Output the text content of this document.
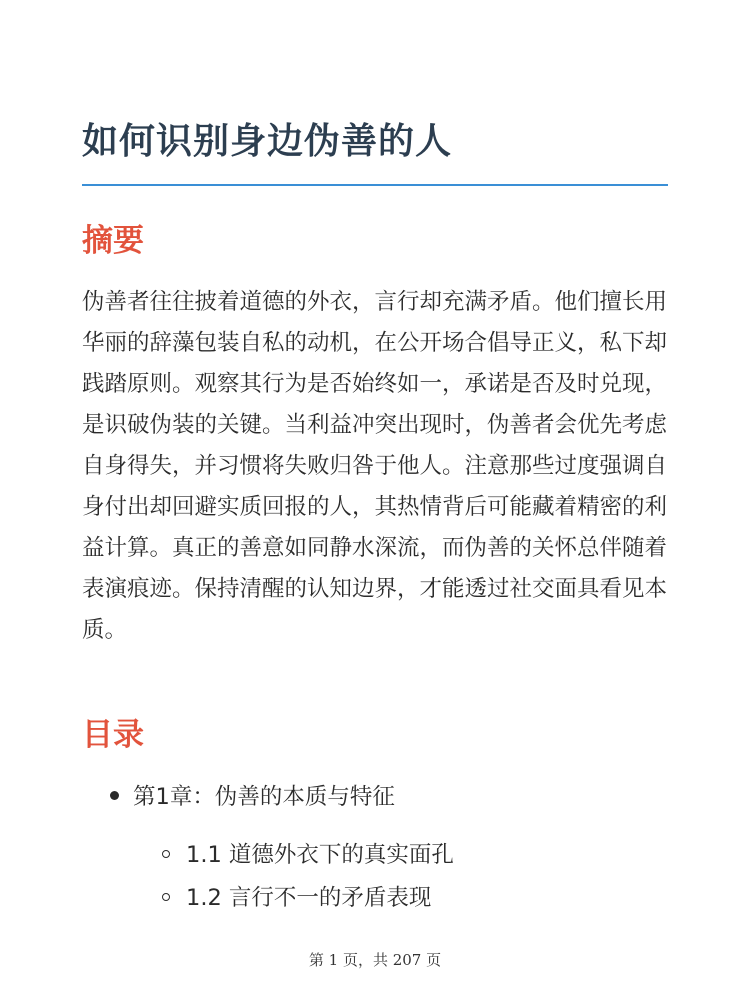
如何识别身边伪善的人
摘要

伪善者往往披着道德的外衣，言行却充满矛盾。他们擅长用华丽的辞藻包装自私的动机，在公开场合倡导正义，私下却践踏原则。观察其行为是否始终如一，承诺是否及时兑现，是识破伪装的关键。当利益冲突出现时，伪善者会优先考虑自身得失，并习惯将失败归咎于他人。注意那些过度强调自身付出却回避实质回报的人，其热情背后可能藏着精密的利益计算。真正的善意如同静水深流，而伪善的关怀总伴随着表演痕迹。保持清醒的认知边界，才能透过社交面具看见本质。

目录
第1章：伪善的本质与特征
1.1 道德外衣下的真实面孔
1.2 言行不一的矛盾表现
第 1 页，共 207 页
